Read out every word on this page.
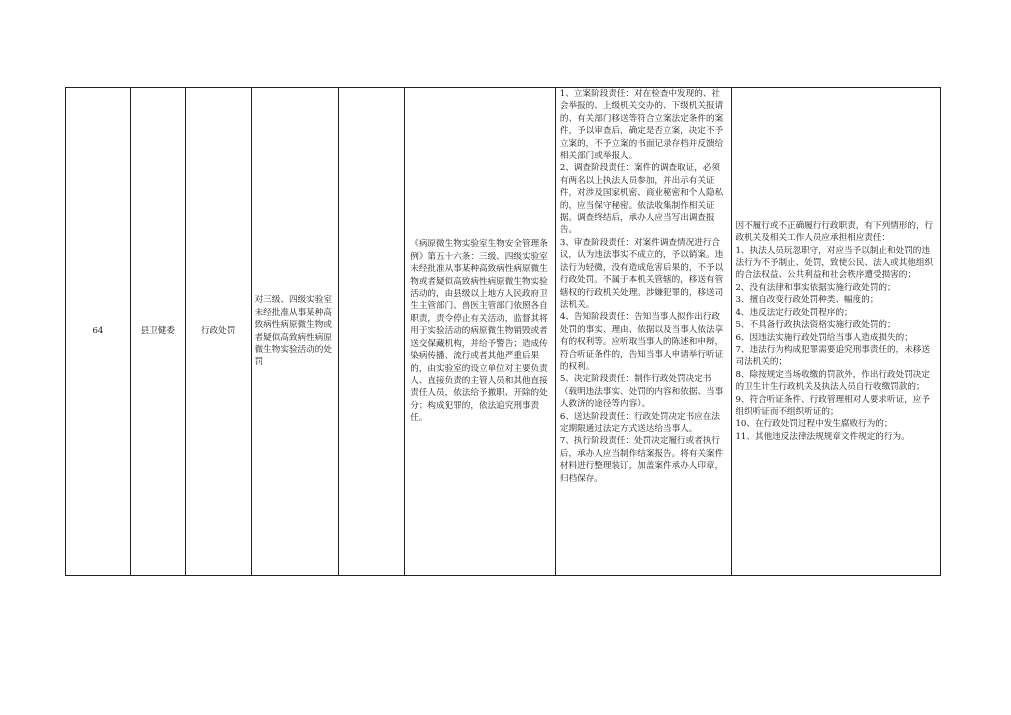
64	县卫健委	行政处罚
对三级、四级实验室未经批准从事某种高致病性病原微生物或者疑似高致病性病原微生物实验活动的处罚
《病原微生物实验室生物安全管理条例》第五十六条：三级、四级实验室未经批准从事某种高致病性病原微生物或者疑似高致病性病原微生物实验活动的，由县级以上地方人民政府卫生主管部门、兽医主管部门依照各自职责，责令停止有关活动，监督其将用于实验活动的病原微生物销毁或者送交保藏机构，并给予警告；造成传染病传播、流行或者其他严重后果的，由实验室的设立单位对主要负责人、直接负责的主管人员和其他直接责任人员，依法给予撤职、开除的处分；构成犯罪的，依法追究刑事责任。
1、立案阶段责任：对在检查中发现的、社会举报的、上级机关交办的、下级机关报请的、有关部门移送等符合立案法定条件的案件，予以审查后，确定是否立案，决定不予立案的，不予立案的书面记录存档并反馈给相关部门或举报人。
2、调查阶段责任：案件的调查取证，必须有两名以上执法人员参加，并出示有关证件，对涉及国家机密、商业秘密和个人隐私的，应当保守秘密。依法收集制作相关证据。调查终结后，承办人应当写出调查报告。
3、审查阶段责任：对案件调查情况进行合议，认为违法事实不成立的，予以销案。违法行为轻微，没有造成危害后果的，不予以行政处罚。不属于本机关管辖的，移送有管辖权的行政机关处理。涉嫌犯罪的，移送司法机关。
4、告知阶段责任：告知当事人拟作出行政处罚的事实、理由、依据以及当事人依法享有的权利等。应听取当事人的陈述和申辩，符合听证条件的，告知当事人申请举行听证的权利。
5、决定阶段责任：制作行政处罚决定书（载明违法事实、处罚的内容和依据、当事人救济的途径等内容）。
6、送达阶段责任：行政处罚决定书应在法定期限通过法定方式送达给当事人。
7、执行阶段责任：处罚决定履行或者执行后，承办人应当制作结案报告。将有关案件材料进行整理装订，加盖案件承办人印章，归档保存。
因不履行或不正确履行行政职责，有下列情形的，行政机关及相关工作人员应承担相应责任：
1、执法人员玩忽职守，对应当予以制止和处罚的违法行为不予制止、处罚，致使公民、法人或其他组织的合法权益、公共利益和社会秩序遭受损害的；
2、没有法律和事实依据实施行政处罚的；
3、擅自改变行政处罚种类、幅度的；
4、违反法定行政处罚程序的；
5、不具备行政执法资格实施行政处罚的；
6、因违法实施行政处罚给当事人造成损失的；
7、违法行为构成犯罪需要追究刑事责任的，未移送司法机关的；
8、除按规定当场收缴的罚款外，作出行政处罚决定的卫生计生行政机关及执法人员自行收缴罚款的；
9、符合听证条件、行政管理相对人要求听证，应予组织听证而不组织听证的；
10、在行政处罚过程中发生腐败行为的；
11、其他违反法律法规规章文件规定的行为。
